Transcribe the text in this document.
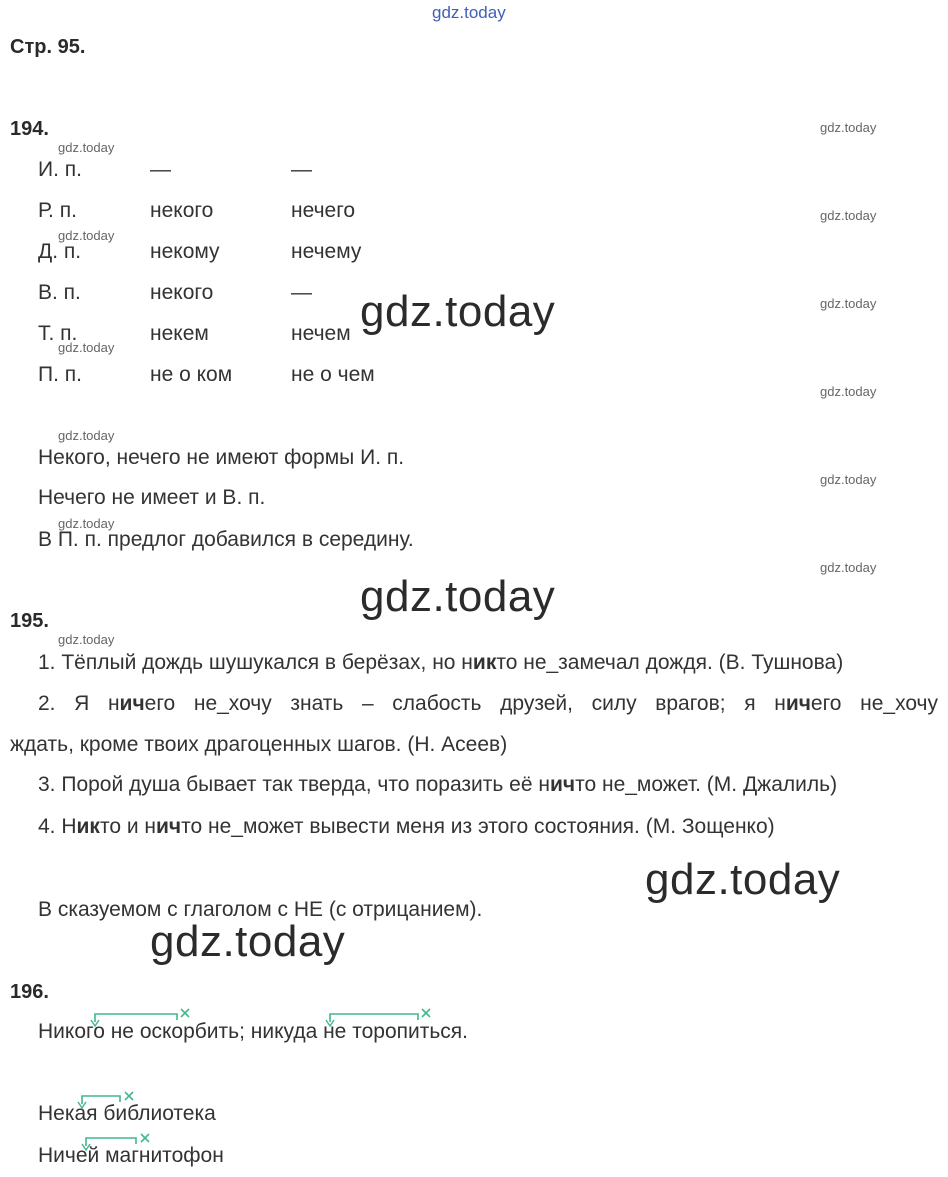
gdz.today
Стр. 95.
194.
И. п.	—	—
Р. п.	некого	нечего
Д. п.	некому	нечему
В. п.	некого	—
Т. п.	некем	нечем
П. п.	не о ком	не о чем
Некого, нечего не имеют формы И. п.
Нечего не имеет и В. п.
В П. п. предлог добавился в середину.
195.
1. Тёплый дождь шушукался в берёзах, но никто не_замечал дождя. (В. Тушнова)
2. Я ничего не_хочу знать – слабость друзей, силу врагов; я ничего не_хочу
ждать, кроме твоих драгоценных шагов. (Н. Асеев)
3. Порой душа бывает так тверда, что поразить её ничто не_может. (М. Джалиль)
4. Никто и ничто не_может вывести меня из этого состояния. (М. Зощенко)
В сказуемом с глаголом с НЕ (с отрицанием).
196.
Никого не оскорбить; никуда не торопиться.
Некая библиотека
Ничей магнитофон
gdz.today
gdz.today
gdz.today
gdz.today
gdz.today
gdz.today
gdz.today
gdz.today
gdz.today
gdz.today
gdz.today
gdz.today
gdz.today
gdz.today
gdz.today
gdz.today
